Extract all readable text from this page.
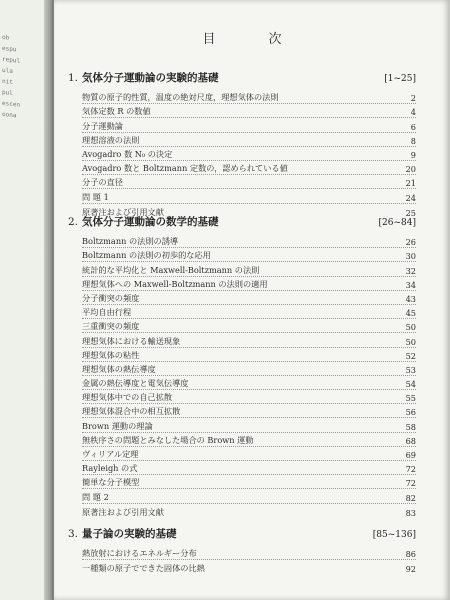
ob
espu
repul
ula
nit
pul
escen
oona
目　次
1. 気体分子運動論の実験的基礎	[1~25]
物質の原子的性質，温度の絶対尺度，理想気体の法則	2
気体定数 R の数値	4
分子運動論	6
理想溶液の法則	8
Avogadro 数 N₀ の決定	9
Avogadro 数と Boltzmann 定数の，認められている値	20
分子の直径	21
問 題 1	24
原著注および引用文献	25
2. 気体分子運動論の数学的基礎	[26~84]
Boltzmann の法則の誘導	26
Boltzmann の法則の初歩的な応用	30
統計的な平均化と Maxwell-Boltzmann の法則	32
理想気体への Maxwell-Boltzmann の法則の適用	34
分子衝突の頻度	43
平均自由行程	45
三重衝突の頻度	50
理想気体における輸送現象	50
理想気体の粘性	52
理想気体の熱伝導度	53
金属の熱伝導度と電気伝導度	54
理想気体中での自己拡散	55
理想気体混合中の相互拡散	56
Brown 運動の理論	58
無秩序さの問題とみなした場合の Brown 運動	68
ヴィリアル定理	69
Rayleigh の式	72
簡単な分子模型	72
問 題 2	82
原著注および引用文献	83
3. 量子論の実験的基礎	[85~136]
熱放射におけるエネルギー分布	86
一種類の原子でできた固体の比熱	92
